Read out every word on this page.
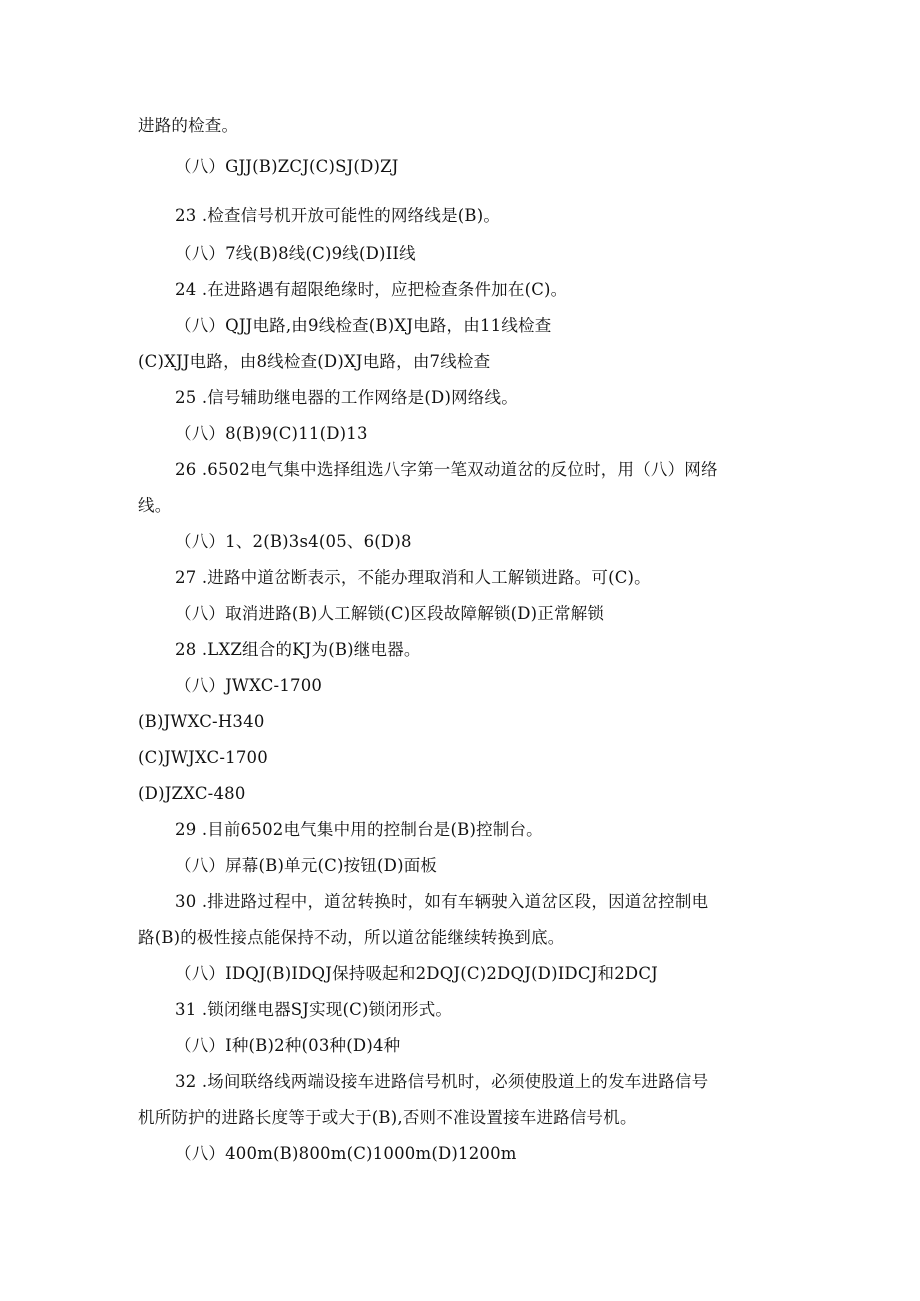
进路的检查。
（八）GJJ(B)ZCJ(C)SJ(D)ZJ
23 .检查信号机开放可能性的网络线是(B)。
（八）7线(B)8线(C)9线(D)II线
24 .在进路遇有超限绝缘时，应把检查条件加在(C)。
（八）QJJ电路,由9线检查(B)XJ电路，由11线检查
(C)XJJ电路，由8线检查(D)XJ电路，由7线检查
25 .信号辅助继电器的工作网络是(D)网络线。
（八）8(B)9(C)11(D)13
26 .6502电气集中选择组选八字第一笔双动道岔的反位时，用（八）网络
线。
（八）1、2(B)3s4(05、6(D)8
27 .进路中道岔断表示，不能办理取消和人工解锁进路。可(C)。
（八）取消进路(B)人工解锁(C)区段故障解锁(D)正常解锁
28 .LXZ组合的KJ为(B)继电器。
（八）JWXC-1700
(B)JWXC-H340
(C)JWJXC-1700
(D)JZXC-480
29 .目前6502电气集中用的控制台是(B)控制台。
（八）屏幕(B)单元(C)按钮(D)面板
30 .排进路过程中，道岔转换时，如有车辆驶入道岔区段，因道岔控制电
路(B)的极性接点能保持不动，所以道岔能继续转换到底。
（八）IDQJ(B)IDQJ保持吸起和2DQJ(C)2DQJ(D)IDCJ和2DCJ
31 .锁闭继电器SJ实现(C)锁闭形式。
（八）I种(B)2种(03种(D)4种
32 .场间联络线两端设接车进路信号机时，必须使股道上的发车进路信号
机所防护的进路长度等于或大于(B),否则不准设置接车进路信号机。
（八）400m(B)800m(C)1000m(D)1200m
